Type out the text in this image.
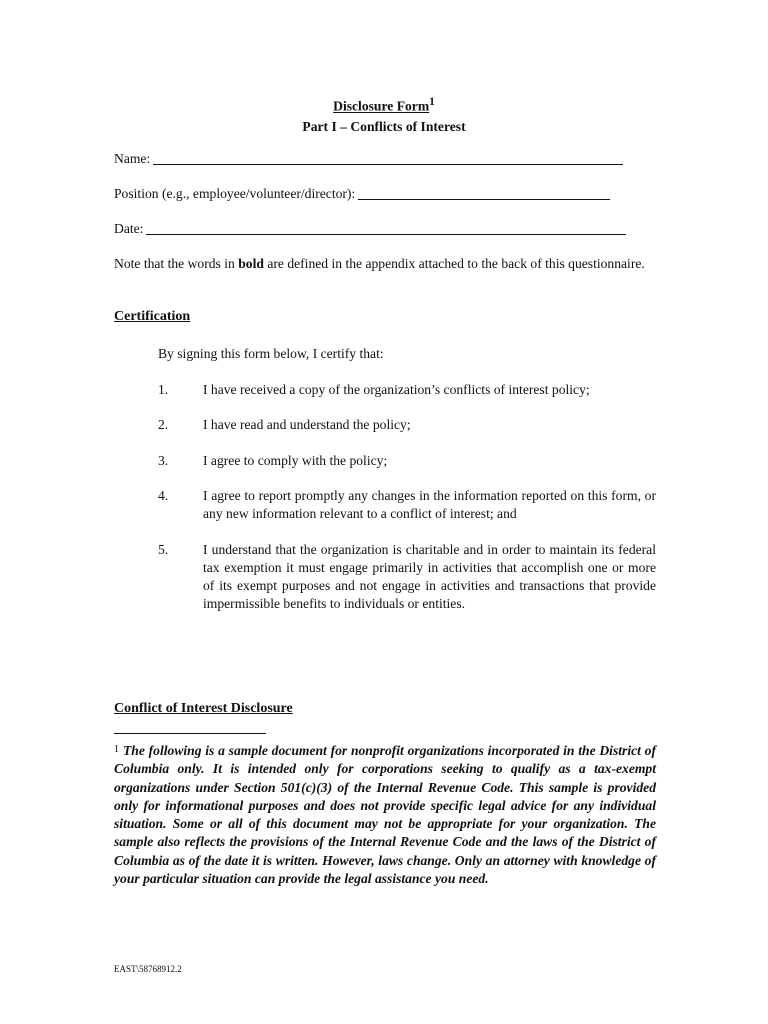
Disclosure Form$^1$
Part I – Conflicts of Interest
Name:
Position (e.g., employee/volunteer/director):
Date:
Note that the words in bold are defined in the appendix attached to the back of this questionnaire.
Certification
By signing this form below, I certify that:
1.	I have received a copy of the organization’s conflicts of interest policy;
2.	I have read and understand the policy;
3.	I agree to comply with the policy;
4.	I agree to report promptly any changes in the information reported on this form, or any new information relevant to a conflict of interest; and
5.	I understand that the organization is charitable and in order to maintain its federal tax exemption it must engage primarily in activities that accomplish one or more of its exempt purposes and not engage in activities and transactions that provide impermissible benefits to individuals or entities.
Conflict of Interest Disclosure
$^1$ The following is a sample document for nonprofit organizations incorporated in the District of Columbia only. It is intended only for corporations seeking to qualify as a tax-exempt organizations under Section 501(c)(3) of the Internal Revenue Code. This sample is provided only for informational purposes and does not provide specific legal advice for any individual situation. Some or all of this document may not be appropriate for your organization. The sample also reflects the provisions of the Internal Revenue Code and the laws of the District of Columbia as of the date it is written. However, laws change. Only an attorney with knowledge of your particular situation can provide the legal assistance you need.
EAST\58768912.2
